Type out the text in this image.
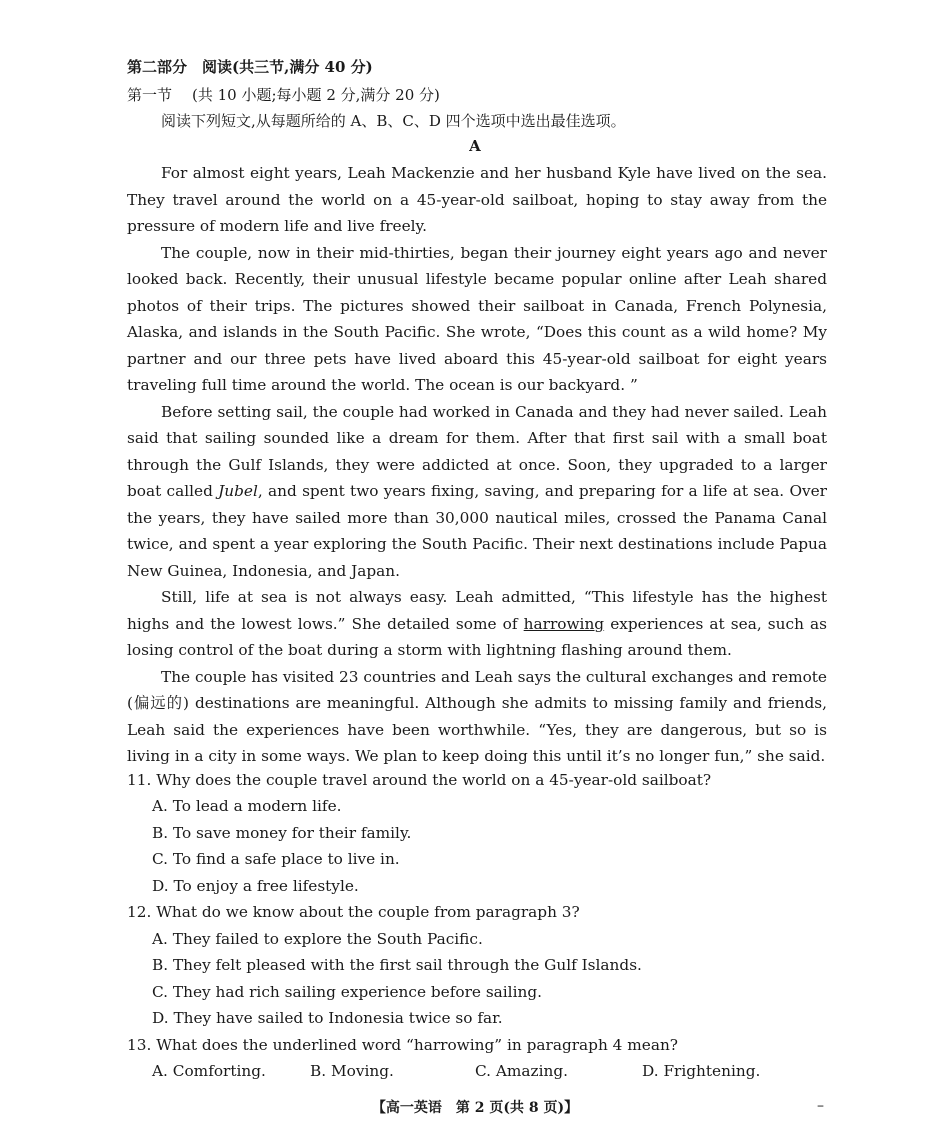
第二部分　阅读(共三节,满分 40 分)
第一节 (共 10 小题;每小题 2 分,满分 20 分)
阅读下列短文,从每题所给的 A、B、C、D 四个选项中选出最佳选项。
A

For almost eight years, Leah Mackenzie and her husband Kyle have lived on the sea. They travel around the world on a 45-year-old sailboat, hoping to stay away from the pressure of modern life and live freely.

The couple, now in their mid-thirties, began their journey eight years ago and never looked back. Recently, their unusual lifestyle became popular online after Leah shared photos of their trips. The pictures showed their sailboat in Canada, French Polynesia, Alaska, and islands in the South Pacific. She wrote, “Does this count as a wild home? My partner and our three pets have lived aboard this 45-year-old sailboat for eight years traveling full time around the world. The ocean is our backyard. ”

Before setting sail, the couple had worked in Canada and they had never sailed. Leah said that sailing sounded like a dream for them. After that first sail with a small boat through the Gulf Islands, they were addicted at once. Soon, they upgraded to a larger boat called Jubel, and spent two years fixing, saving, and preparing for a life at sea. Over the years, they have sailed more than 30,000 nautical miles, crossed the Panama Canal twice, and spent a year exploring the South Pacific. Their next destinations include Papua New Guinea, Indonesia, and Japan.

Still, life at sea is not always easy. Leah admitted, “This lifestyle has the highest highs and the lowest lows.” She detailed some of harrowing experiences at sea, such as losing control of the boat during a storm with lightning flashing around them.

The couple has visited 23 countries and Leah says the cultural exchanges and remote (偏远的) destinations are meaningful. Although she admits to missing family and friends, Leah said the experiences have been worthwhile. “Yes, they are dangerous, but so is living in a city in some ways. We plan to keep doing this until it’s no longer fun,” she said.

11. Why does the couple travel around the world on a 45-year-old sailboat?
A. To lead a modern life.
B. To save money for their family.
C. To find a safe place to live in.
D. To enjoy a free lifestyle.
12. What do we know about the couple from paragraph 3?
A. They failed to explore the South Pacific.
B. They felt pleased with the first sail through the Gulf Islands.
C. They had rich sailing experience before sailing.
D. They have sailed to Indonesia twice so far.
13. What does the underlined word “harrowing” in paragraph 4 mean?
A. Comforting.	B. Moving.	C. Amazing.	D. Frightening.
【高一英语　第 2 页(共 8 页)】	–
